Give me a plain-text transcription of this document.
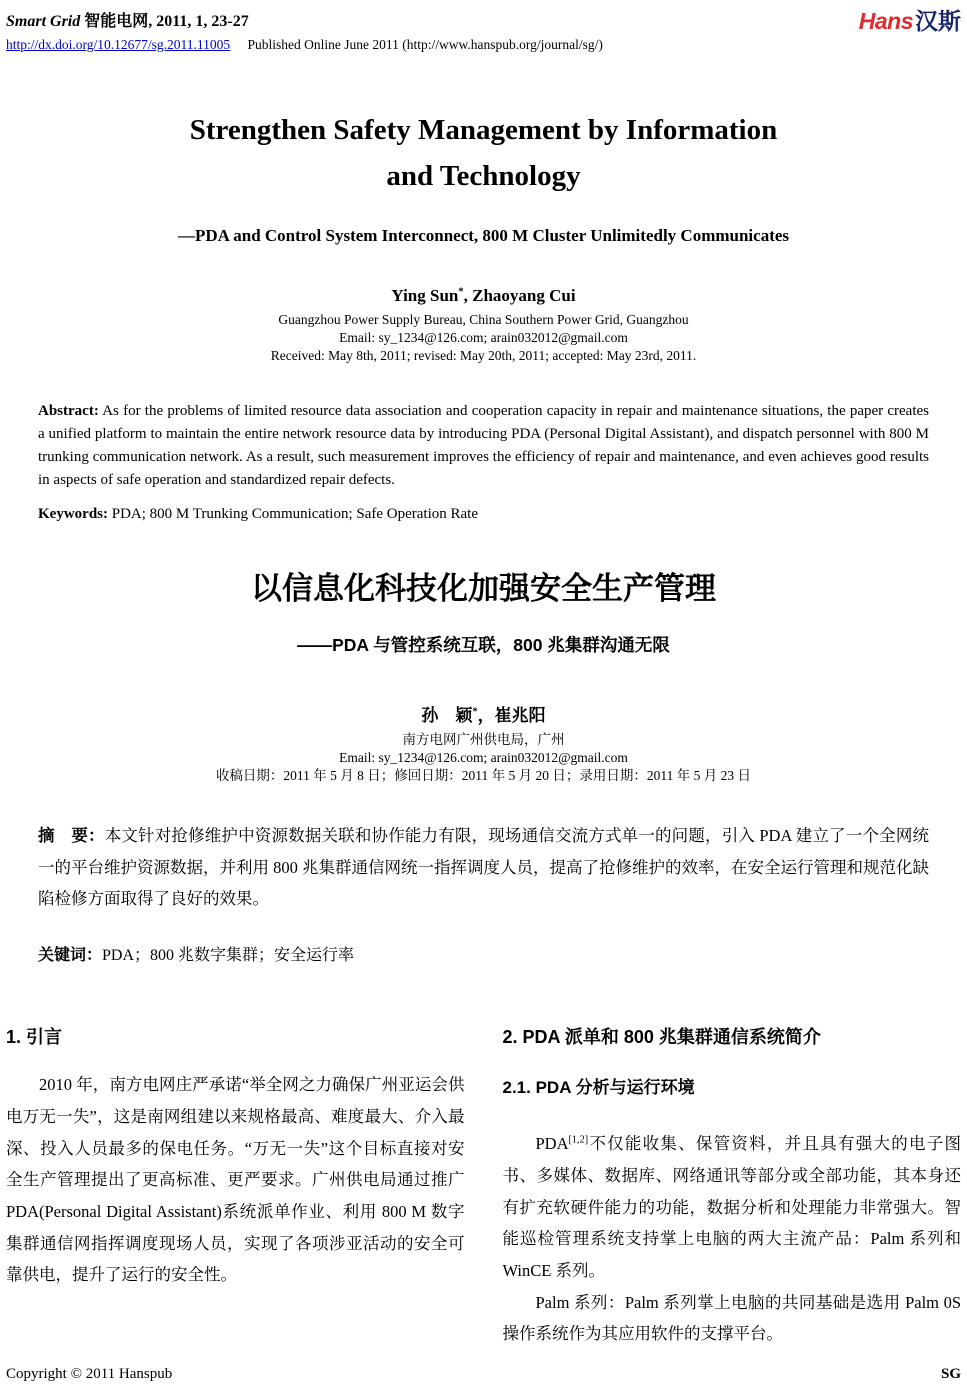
Smart Grid 智能电网, 2011, 1, 23-27
http://dx.doi.org/10.12677/sg.2011.11005 Published Online June 2011 (http://www.hanspub.org/journal/sg/)
Hans汉斯
Strengthen Safety Management by Information
and Technology
—PDA and Control System Interconnect, 800 M Cluster Unlimitedly Communicates
Ying Sun*, Zhaoyang Cui
Guangzhou Power Supply Bureau, China Southern Power Grid, Guangzhou
Email: sy_1234@126.com; arain032012@gmail.com
Received: May 8th, 2011; revised: May 20th, 2011; accepted: May 23rd, 2011.
Abstract: As for the problems of limited resource data association and cooperation capacity in repair and maintenance situations, the paper creates a unified platform to maintain the entire network resource data by introducing PDA (Personal Digital Assistant), and dispatch personnel with 800 M trunking communication network. As a result, such measurement improves the efficiency of repair and maintenance, and even achieves good results in aspects of safe operation and standardized repair defects.
Keywords: PDA; 800 M Trunking Communication; Safe Operation Rate
以信息化科技化加强安全生产管理
——PDA 与管控系统互联，800 兆集群沟通无限
孙　颖*，崔兆阳
南方电网广州供电局，广州
Email: sy_1234@126.com; arain032012@gmail.com
收稿日期：2011 年 5 月 8 日；修回日期：2011 年 5 月 20 日；录用日期：2011 年 5 月 23 日
摘　要：本文针对抢修维护中资源数据关联和协作能力有限，现场通信交流方式单一的问题，引入 PDA 建立了一个全网统一的平台维护资源数据，并利用 800 兆集群通信网统一指挥调度人员，提高了抢修维护的效率，在安全运行管理和规范化缺陷检修方面取得了良好的效果。
关键词：PDA；800 兆数字集群；安全运行率
1. 引言
2010 年，南方电网庄严承诺“举全网之力确保广州亚运会供电万无一失”，这是南网组建以来规格最高、难度最大、介入最深、投入人员最多的保电任务。“万无一失”这个目标直接对安全生产管理提出了更高标准、更严要求。广州供电局通过推广 PDA(Personal Digital Assistant)系统派单作业、利用 800 M 数字集群通信网指挥调度现场人员，实现了各项涉亚活动的安全可靠供电，提升了运行的安全性。
2. PDA 派单和 800 兆集群通信系统简介
2.1. PDA 分析与运行环境
PDA[1,2]不仅能收集、保管资料，并且具有强大的电子图书、多媒体、数据库、网络通讯等部分或全部功能，其本身还有扩充软硬件能力的功能，数据分析和处理能力非常强大。智能巡检管理系统支持掌上电脑的两大主流产品：Palm 系列和 WinCE 系列。
Palm 系列：Palm 系列掌上电脑的共同基础是选用 Palm 0S 操作系统作为其应用软件的支撑平台。
Copyright © 2011 Hanspub	SG
